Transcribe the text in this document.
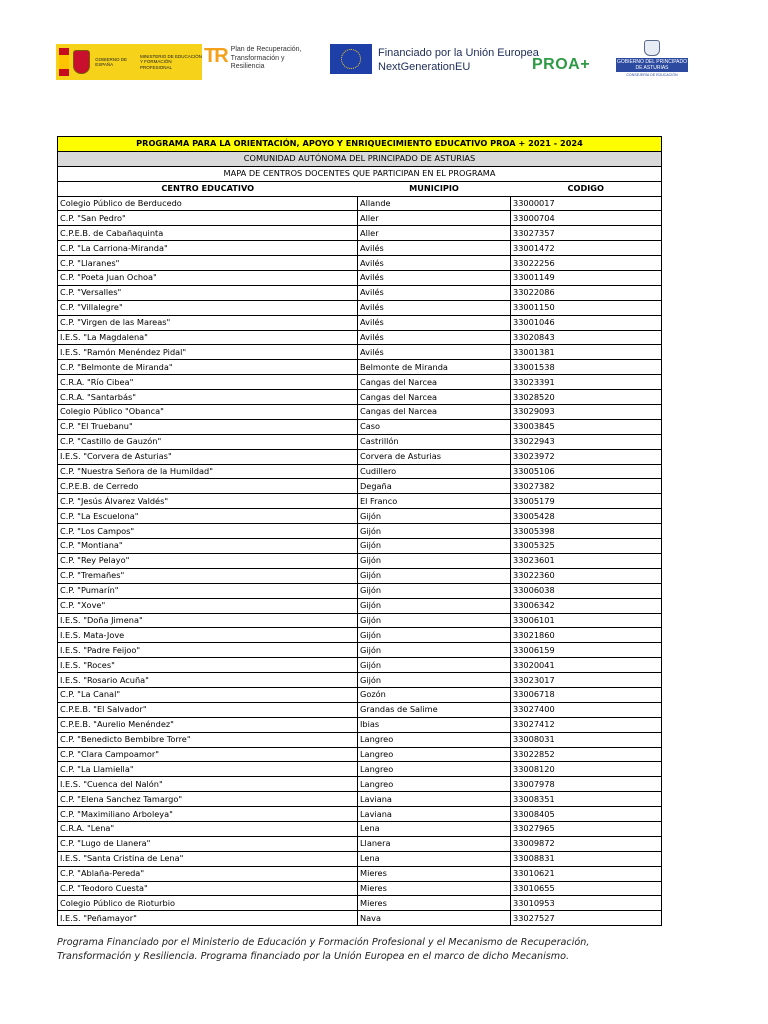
GOBIERNO DE ESPAÑA
MINISTERIO DE EDUCACIÓN Y FORMACIÓN PROFESIONAL
TR Plan de Recuperación,
Transformación y Resiliencia
Financiado por la Unión Europea
NextGenerationEU	PROA+	GOBIERNO DEL PRINCIPADO DE ASTURIAS
CONSEJERÍA DE EDUCACIÓN
PROGRAMA PARA LA ORIENTACIÓN, APOYO Y ENRIQUECIMIENTO EDUCATIVO PROA + 2021 - 2024		
COMUNIDAD AUTÓNOMA DEL PRINCIPADO DE ASTURIAS		
MAPA DE CENTROS DOCENTES QUE PARTICIPAN EN EL PROGRAMA		
CENTRO EDUCATIVO	MUNICIPIO	CODIGO
Colegio Público de Berducedo	Allande	33000017
C.P. "San Pedro"	Aller	33000704
C.P.E.B. de Cabañaquinta	Aller	33027357
C.P. "La Carriona-Miranda"	Avilés	33001472
C.P. "Llaranes"	Avilés	33022256
C.P. "Poeta Juan Ochoa"	Avilés	33001149
C.P. "Versalles"	Avilés	33022086
C.P. "Villalegre"	Avilés	33001150
C.P. "Virgen de las Mareas"	Avilés	33001046
I.E.S. "La Magdalena"	Avilés	33020843
I.E.S. "Ramón Menéndez Pidal"	Avilés	33001381
C.P. "Belmonte de Miranda"	Belmonte de Miranda	33001538
C.R.A. "Río Cibea"	Cangas del Narcea	33023391
C.R.A. "Santarbás"	Cangas del Narcea	33028520
Colegio Público "Obanca"	Cangas del Narcea	33029093
C.P. "El Truebanu"	Caso	33003845
C.P. "Castillo de Gauzón"	Castrillón	33022943
I.E.S. "Corvera de Asturias"	Corvera de Asturias	33023972
C.P. "Nuestra Señora de la Humildad"	Cudillero	33005106
C.P.E.B. de Cerredo	Degaña	33027382
C.P. "Jesús Álvarez Valdés"	El Franco	33005179
C.P. "La Escuelona"	Gijón	33005428
C.P. "Los Campos"	Gijón	33005398
C.P. "Montiana"	Gijón	33005325
C.P. "Rey Pelayo"	Gijón	33023601
C.P. "Tremañes"	Gijón	33022360
C.P. "Pumarín"	Gijón	33006038
C.P. "Xove"	Gijón	33006342
I.E.S. "Doña Jimena"	Gijón	33006101
I.E.S. Mata-Jove	Gijón	33021860
I.E.S. "Padre Feijoo"	Gijón	33006159
I.E.S. "Roces"	Gijón	33020041
I.E.S. "Rosario Acuña"	Gijón	33023017
C.P. "La Canal"	Gozón	33006718
C.P.E.B. "El Salvador"	Grandas de Salime	33027400
C.P.E.B. "Aurelio Menéndez"	Ibias	33027412
C.P. "Benedicto Bembibre Torre"	Langreo	33008031
C.P. "Clara Campoamor"	Langreo	33022852
C.P. "La Llamiella"	Langreo	33008120
I.E.S. "Cuenca del Nalón"	Langreo	33007978
C.P. "Elena Sanchez Tamargo"	Laviana	33008351
C.P. "Maximiliano Arboleya"	Laviana	33008405
C.R.A. "Lena"	Lena	33027965
C.P. "Lugo de Llanera"	Llanera	33009872
I.E.S. "Santa Cristina de Lena"	Lena	33008831
C.P. "Ablaña-Pereda"	Mieres	33010621
C.P. "Teodoro Cuesta"	Mieres	33010655
Colegio Público de Rioturbio	Mieres	33010953
I.E.S. "Peñamayor"	Nava	33027527
Programa Financiado por el Ministerio de Educación y Formación Profesional y el Mecanismo de Recuperación, Transformación y Resiliencia. Programa financiado por la Unión Europea en el marco de dicho Mecanismo.
